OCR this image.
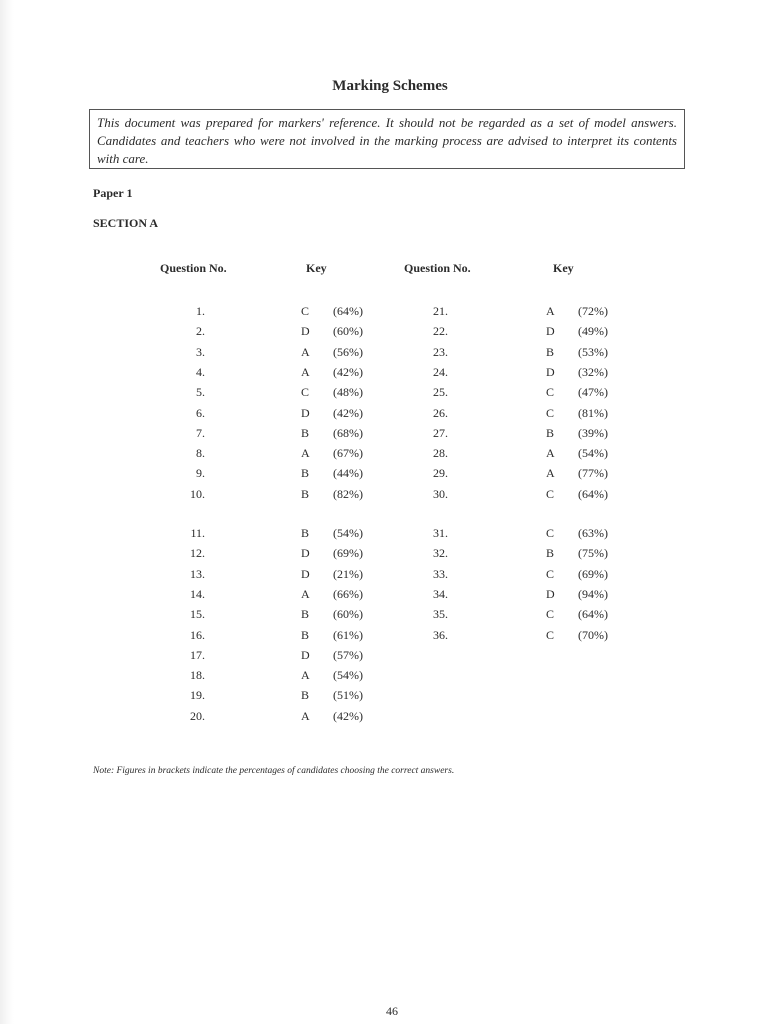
Marking Schemes

This document was prepared for markers' reference. It should not be regarded as a set of model answers. Candidates and teachers who were not involved in the marking process are advised to interpret its contents with care.

Paper 1
SECTION A
Question No.	Key	Question No.	Key
1.	C	(64%)
2.	D	(60%)
3.	A	(56%)
4.	A	(42%)
5.	C	(48%)
6.	D	(42%)
7.	B	(68%)
8.	A	(67%)
9.	B	(44%)
10.	B	(82%)
11.	B	(54%)
12.	D	(69%)
13.	D	(21%)
14.	A	(66%)
15.	B	(60%)
16.	B	(61%)
17.	D	(57%)
18.	A	(54%)
19.	B	(51%)
20.	A	(42%)
21.	A	(72%)
22.	D	(49%)
23.	B	(53%)
24.	D	(32%)
25.	C	(47%)
26.	C	(81%)
27.	B	(39%)
28.	A	(54%)
29.	A	(77%)
30.	C	(64%)
31.	C	(63%)
32.	B	(75%)
33.	C	(69%)
34.	D	(94%)
35.	C	(64%)
36.	C	(70%)
Note: Figures in brackets indicate the percentages of candidates choosing the correct answers.
46
